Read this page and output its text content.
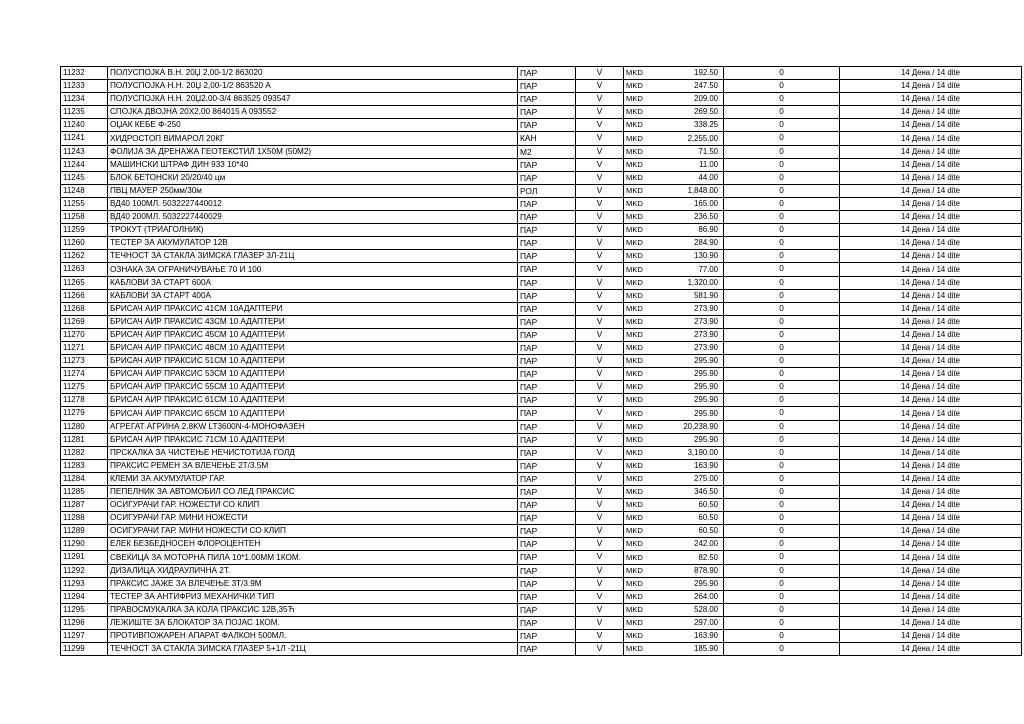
11232	ПОЛУСПОЈКА В.Н. 20Џ 2,00-1/2 863020	ПАР	V	MKD	192.50	0	14 Дена / 14 dite
11233	ПОЛУСПОЈКА Н.Н. 20Џ 2,00-1/2 863520 A	ПАР	V	MKD	247.50	0	14 Дена / 14 dite
11234	ПОЛУСПОЈКА Н.Н. 20Џ2,00-3/4 863525 093547	ПАР	V	MKD	209.00	0	14 Дена / 14 dite
11235	СПОЈКА ДВОЈНА 20X2,00 864015 A 093552	ПАР	V	MKD	269.50	0	14 Дена / 14 dite
11240	ОЏАК КЕБЕ Ф-250	ПАР	V	MKD	338.25	0	14 Дена / 14 dite
11241	ХИДРОСТОП ВИМАРОЛ 20КГ	КАН	V	MKD	2,255.00	0	14 Дена / 14 dite
11243	ФОЛИЈА ЗА ДРЕНАЖА ГЕОТЕКСТИЛ 1X50M (50M2)	M2	V	MKD	71.50	0	14 Дена / 14 dite
11244	МАШИНСКИ ШТРАФ ДИН 933 10*40	ПАР	V	MKD	11.00	0	14 Дена / 14 dite
11245	БЛОК БЕТОНСКИ 20/20/40 цм	ПАР	V	MKD	44.00	0	14 Дена / 14 dite
11248	ПВЦ МАУЕР 250мм/30м	РОЛ	V	MKD	1,848.00	0	14 Дена / 14 dite
11255	ВД40 100МЛ. 5032227440012	ПАР	V	MKD	165.00	0	14 Дена / 14 dite
11258	ВД40 200МЛ. 5032227440029	ПАР	V	MKD	236.50	0	14 Дена / 14 dite
11259	ТРОКУТ (ТРИАГОЛНИК)	ПАР	V	MKD	86.90	0	14 Дена / 14 dite
11260	ТЕСТЕР ЗА АКУМУЛАТОР 12В	ПАР	V	MKD	284.90	0	14 Дена / 14 dite
11262	ТЕЧНОСТ ЗА СТАКЛА ЗИМСКА ГЛАЗЕР 3Л-21Ц	ПАР	V	MKD	130.90	0	14 Дена / 14 dite
11263	ОЗНАКА ЗА ОГРАНИЧУВАЊЕ 70 И 100	ПАР	V	MKD	77.00	0	14 Дена / 14 dite
11265	КАБЛОВИ ЗА СТАРТ 600А	ПАР	V	MKD	1,320.00	0	14 Дена / 14 dite
11266	КАБЛОВИ ЗА СТАРТ 400А	ПАР	V	MKD	581.90	0	14 Дена / 14 dite
11268	БРИСАЧ АИР ПРАКСИС 41СМ 10АДАПТЕРИ	ПАР	V	MKD	273.90	0	14 Дена / 14 dite
11269	БРИСАЧ АИР ПРАКСИС 43СМ 10 АДАПТЕРИ	ПАР	V	MKD	273.90	0	14 Дена / 14 dite
11270	БРИСАЧ АИР ПРАКСИС 45СМ 10 АДАПТЕРИ	ПАР	V	MKD	273.90	0	14 Дена / 14 dite
11271	БРИСАЧ АИР ПРАКСИС 48СМ 10 АДАПТЕРИ	ПАР	V	MKD	273.90	0	14 Дена / 14 dite
11273	БРИСАЧ АИР ПРАКСИС 51СМ 10 АДАПТЕРИ	ПАР	V	MKD	295.90	0	14 Дена / 14 dite
11274	БРИСАЧ АИР ПРАКСИС 53СМ 10 АДАПТЕРИ	ПАР	V	MKD	295.90	0	14 Дена / 14 dite
11275	БРИСАЧ АИР ПРАКСИС 55СМ 10 АДАПТЕРИ	ПАР	V	MKD	295.90	0	14 Дена / 14 dite
11278	БРИСАЧ АИР ПРАКСИС 61СМ 10 АДАПТЕРИ	ПАР	V	MKD	295.90	0	14 Дена / 14 dite
11279	БРИСАЧ АИР ПРАКСИС 65СМ 10 АДАПТЕРИ	ПАР	V	MKD	295.90	0	14 Дена / 14 dite
11280	АГРЕГАТ АГРИНА 2.8KW LT3600N-4-МОНОФАЗЕН	ПАР	V	MKD	20,238.90	0	14 Дена / 14 dite
11281	БРИСАЧ АИР ПРАКСИС 71СМ 10 АДАПТЕРИ	ПАР	V	MKD	295.90	0	14 Дена / 14 dite
11282	ПРСКАЛКА ЗА ЧИСТЕЊЕ НЕЧИСТОТИЈА ГОЛД	ПАР	V	MKD	3,190.00	0	14 Дена / 14 dite
11283	ПРАКСИС РЕМЕН ЗА ВЛЕЧЕЊЕ 2Т/3.5М	ПАР	V	MKD	163.90	0	14 Дена / 14 dite
11284	КЛЕМИ ЗА АКУМУЛАТОР ГАР.	ПАР	V	MKD	275.00	0	14 Дена / 14 dite
11285	ПЕПЕЛНИК ЗА АВТОМОБИЛ СО ЛЕД ПРАКСИС	ПАР	V	MKD	346.50	0	14 Дена / 14 dite
11287	ОСИГУРАЧИ ГАР. НОЖЕСТИ СО КЛИП	ПАР	V	MKD	60.50	0	14 Дена / 14 dite
11288	ОСИГУРАЧИ ГАР. МИНИ НОЖЕСТИ	ПАР	V	MKD	60.50	0	14 Дена / 14 dite
11289	ОСИГУРАЧИ ГАР. МИНИ НОЖЕСТИ СО КЛИП	ПАР	V	MKD	60.50	0	14 Дена / 14 dite
11290	ЕЛЕК БЕЗБЕДНОСЕН ФЛОРОЦЕНТЕН	ПАР	V	MKD	242.00	0	14 Дена / 14 dite
11291	СВЕЌИЦА ЗА МОТОРНА ПИЛА 10*1.00ММ 1КОМ.	ПАР	V	MKD	82.50	0	14 Дена / 14 dite
11292	ДИЗАЛИЦА ХИДРАУЛИЧНА 2Т.	ПАР	V	MKD	878.90	0	14 Дена / 14 dite
11293	ПРАКСИС ЈАЖЕ ЗА ВЛЕЧЕЊЕ 3Т/3.9М	ПАР	V	MKD	295.90	0	14 Дена / 14 dite
11294	ТЕСТЕР ЗА АНТИФРИЗ МЕХАНИЧКИ ТИП	ПАР	V	MKD	264.00	0	14 Дена / 14 dite
11295	ПРАВОСМУКАЛКА ЗА КОЛА ПРАКСИС 12В,35Ћ	ПАР	V	MKD	528.00	0	14 Дена / 14 dite
11296	ЛЕЖИШТЕ ЗА БЛОКАТОР ЗА ПОЈАС 1КОМ.	ПАР	V	MKD	297.00	0	14 Дена / 14 dite
11297	ПРОТИВПОЖАРЕН АПАРАТ ФАЛКОН 500МЛ.	ПАР	V	MKD	163.90	0	14 Дена / 14 dite
11299	ТЕЧНОСТ ЗА СТАКЛА ЗИМСКА ГЛАЗЕР 5+1Л -21Ц	ПАР	V	MKD	185.90	0	14 Дена / 14 dite
